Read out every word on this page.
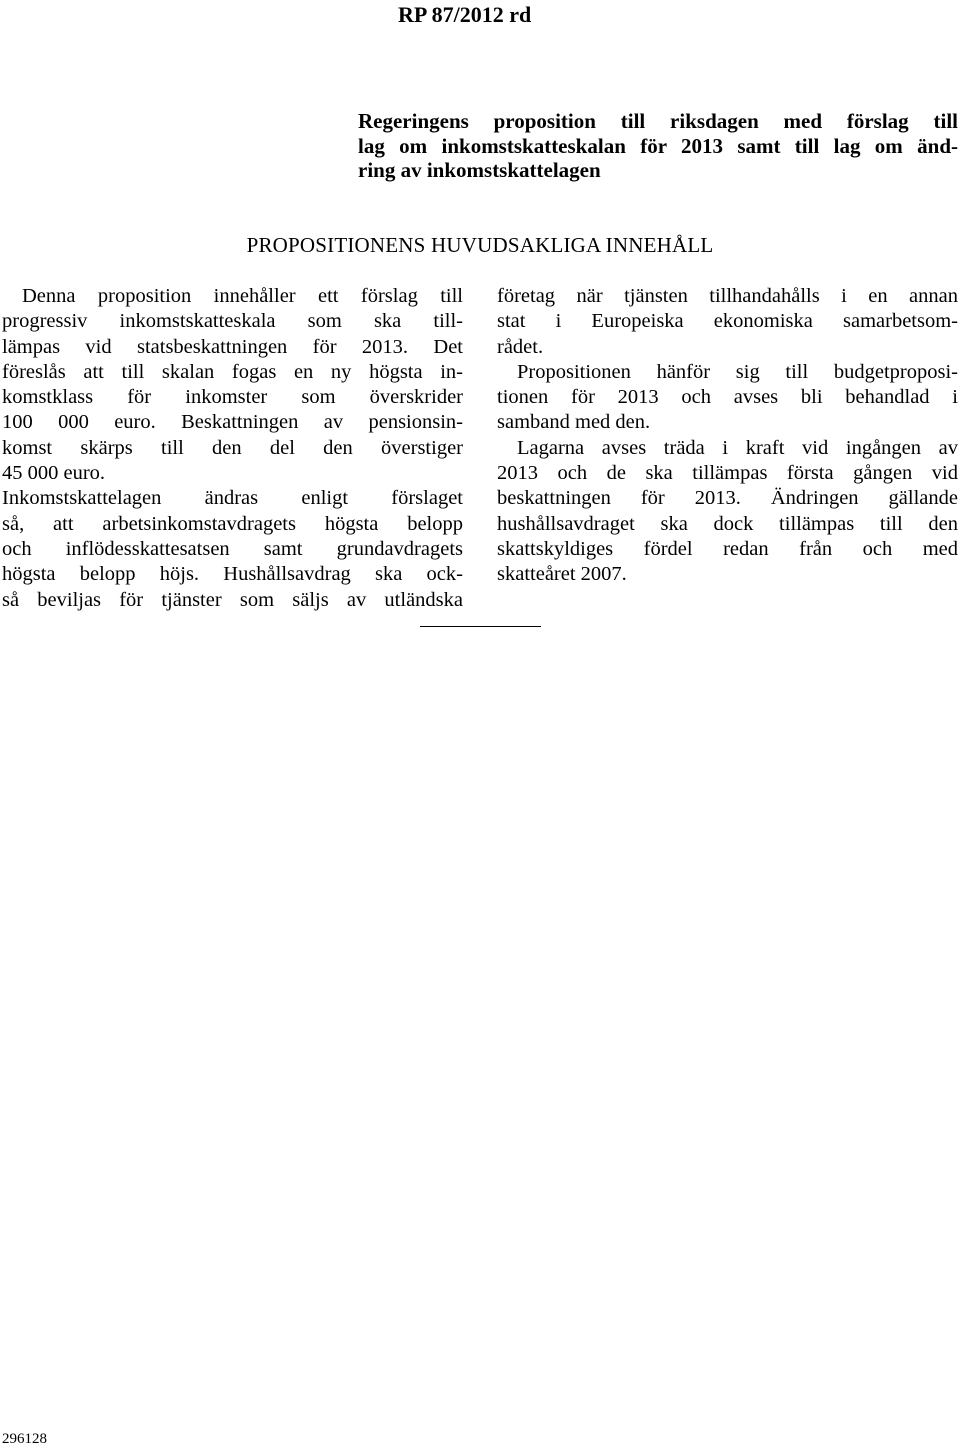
RP 87/2012 rd
Regeringens proposition till riksdagen med förslag till
lag om inkomstskatteskalan för 2013 samt till lag om änd-
ring av inkomstskattelagen
PROPOSITIONENS HUVUDSAKLIGA INNEHÅLL
Denna proposition innehåller ett förslag till
progressiv inkomstskatteskala som ska till-
lämpas vid statsbeskattningen för 2013. Det
föreslås att till skalan fogas en ny högsta in-
komstklass för inkomster som överskrider
100 000 euro. Beskattningen av pensionsin-
komst skärps till den del den överstiger
45 000 euro.
Inkomstskattelagen ändras enligt förslaget
så, att arbetsinkomstavdragets högsta belopp
och inflödesskattesatsen samt grundavdragets
högsta belopp höjs. Hushållsavdrag ska ock-
så beviljas för tjänster som säljs av utländska
företag när tjänsten tillhandahålls i en annan
stat i Europeiska ekonomiska samarbetsom-
rådet.
Propositionen hänför sig till budgetproposi-
tionen för 2013 och avses bli behandlad i
samband med den.
Lagarna avses träda i kraft vid ingången av
2013 och de ska tillämpas första gången vid
beskattningen för 2013. Ändringen gällande
hushållsavdraget ska dock tillämpas till den
skattskyldiges fördel redan från och med
skatteåret 2007.
296128
